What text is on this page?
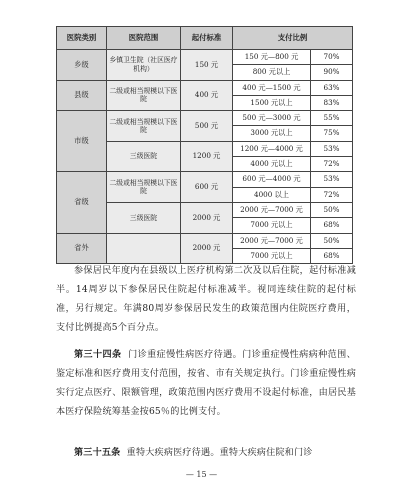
医院类别	医院范围	起付标准	支付比例	
乡级	乡镇卫生院（社区医疗机构）	150 元	150 元—800 元	70%
			800 元以上	90%
县级	二级或相当规模以下医院	400 元	400 元—1500 元	63%
			1500 元以上	83%
市级	二级或相当规模以下医院	500 元	500 元—3000 元	55%
			3000 元以上	75%
	三级医院	1200 元	1200 元—4000 元	53%
			4000 元以上	72%
省级	二级或相当规模以下医院	600 元	600 元—4000 元	53%
			4000 以上	72%
	三级医院	2000 元	2000 元—7000 元	50%
			7000 元以上	68%
省外		2000 元	2000 元—7000 元	50%
			7000 元以上	68%

参保居民年度内在县级以上医疗机构第二次及以后住院，起付标准减半。14周岁以下参保居民住院起付标准减半。视同连续住院的起付标准，另行规定。年满80周岁参保居民发生的政策范围内住院医疗费用，支付比例提高5个百分点。

第三十四条 门诊重症慢性病医疗待遇。门诊重症慢性病病种范围、鉴定标准和医疗费用支付范围，按省、市有关规定执行。门诊重症慢性病实行定点医疗、限额管理，政策范围内医疗费用不设起付标准，由居民基本医疗保险统筹基金按65％的比例支付。

第三十五条 重特大疾病医疗待遇。重特大疾病住院和门诊

— 15 —
